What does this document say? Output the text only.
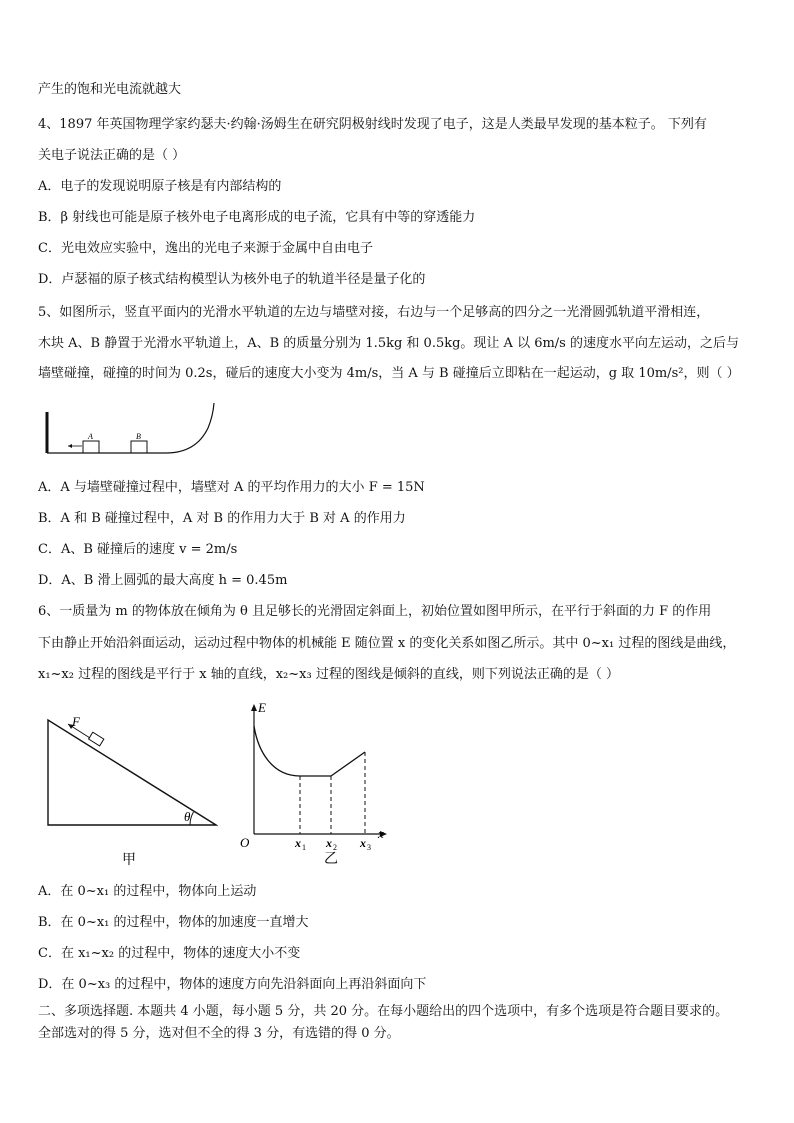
产生的饱和光电流就越大
4、1897 年英国物理学家约瑟夫·约翰·汤姆生在研究阴极射线时发现了电子，这是人类最早发现的基本粒子。 下列有
关电子说法正确的是（ ）
A．电子的发现说明原子核是有内部结构的
B．β 射线也可能是原子核外电子电离形成的电子流，它具有中等的穿透能力
C．光电效应实验中，逸出的光电子来源于金属中自由电子
D．卢瑟福的原子核式结构模型认为核外电子的轨道半径是量子化的
5、如图所示，竖直平面内的光滑水平轨道的左边与墙壁对接，右边与一个足够高的四分之一光滑圆弧轨道平滑相连，
木块 A、B 静置于光滑水平轨道上，A、B 的质量分别为 1.5kg 和 0.5kg。现让 A 以 6m/s 的速度水平向左运动，之后与
墙壁碰撞，碰撞的时间为 0.2s，碰后的速度大小变为 4m/s，当 A 与 B 碰撞后立即粘在一起运动，g 取 10m/s²，则（ ）
A	B
A．A 与墙壁碰撞过程中，墙壁对 A 的平均作用力的大小 F = 15N
B．A 和 B 碰撞过程中，A 对 B 的作用力大于 B 对 A 的作用力
C．A、B 碰撞后的速度 v = 2m/s
D．A、B 滑上圆弧的最大高度 h = 0.45m
6、一质量为 m 的物体放在倾角为 θ 且足够长的光滑固定斜面上，初始位置如图甲所示，在平行于斜面的力 F 的作用
下由静止开始沿斜面运动，运动过程中物体的机械能 E 随位置 x 的变化关系如图乙所示。其中 0~x₁ 过程的图线是曲线，
x₁~x₂ 过程的图线是平行于 x 轴的直线，x₂~x₃ 过程的图线是倾斜的直线，则下列说法正确的是（ ）
F
θ
甲
E
x
O	x 1 x 2 x 3
乙
A．在 0~x₁ 的过程中，物体向上运动
B．在 0~x₁ 的过程中，物体的加速度一直增大
C．在 x₁~x₂ 的过程中，物体的速度大小不变
D．在 0~x₃ 的过程中，物体的速度方向先沿斜面向上再沿斜面向下
二、多项选择题. 本题共 4 小题，每小题 5 分，共 20 分。在每小题给出的四个选项中，有多个选项是符合题目要求的。
全部选对的得 5 分，选对但不全的得 3 分，有选错的得 0 分。
